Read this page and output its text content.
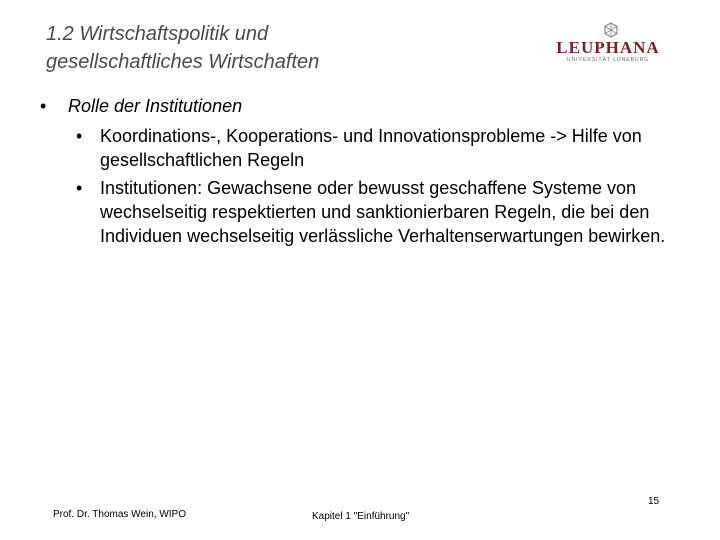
1.2 Wirtschaftspolitik und
gesellschaftliches Wirtschaften
LEUPHANA
UNIVERSITÄT LÜNEBURG
• Rolle der Institutionen
• Koordinations-, Kooperations- und Innovationsprobleme -> Hilfe von gesellschaftlichen Regeln
• Institutionen: Gewachsene oder bewusst geschaffene Systeme von wechselseitig respektierten und sanktionierbaren Regeln, die bei den Individuen wechselseitig verlässliche Verhaltenserwartungen bewirken.
15
Prof. Dr. Thomas Wein, WIPO	Kapitel 1 "Einführung"
